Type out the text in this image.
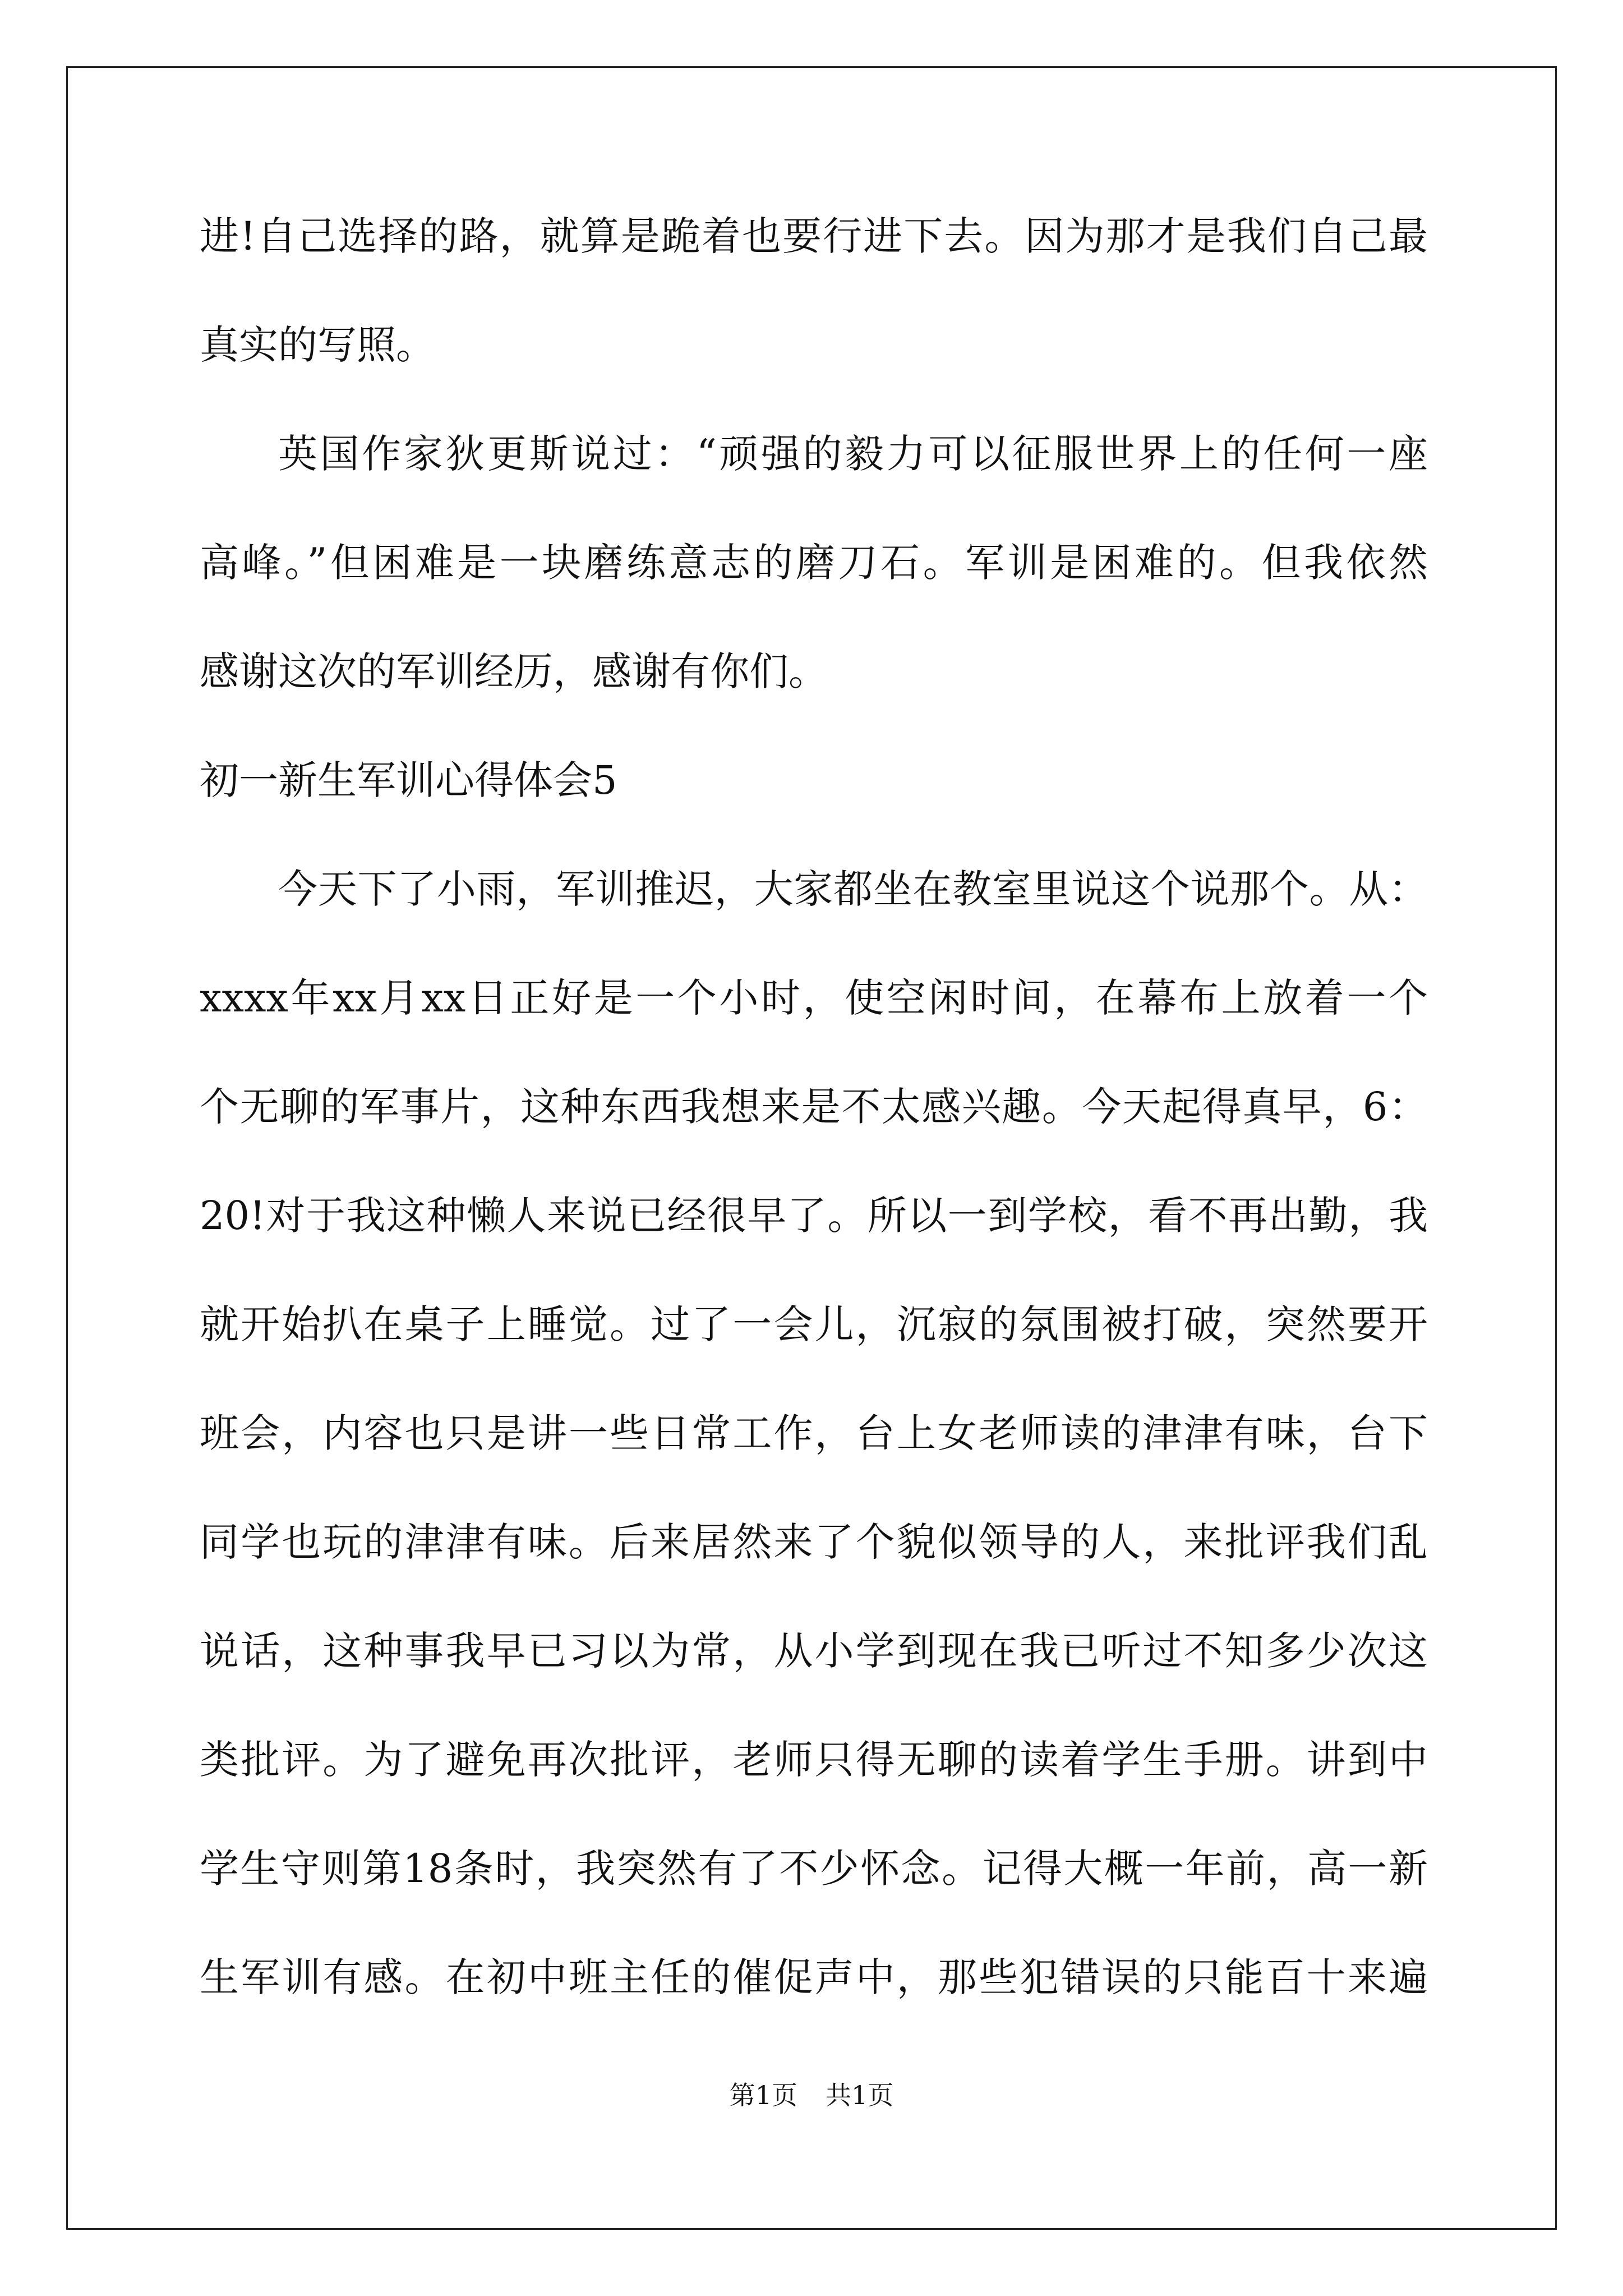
进!自己选择的路，就算是跪着也要行进下去。因为那才是我们自己最
真实的写照。
英国作家狄更斯说过：“顽强的毅力可以征服世界上的任何一座
高峰。”但困难是一块磨练意志的磨刀石。军训是困难的。但我依然
感谢这次的军训经历，感谢有你们。
初一新生军训心得体会5
今天下了小雨，军训推迟，大家都坐在教室里说这个说那个。从：
xxxx年xx月xx日正好是一个小时，使空闲时间，在幕布上放着一个
个无聊的军事片，这种东西我想来是不太感兴趣。今天起得真早，6：
20!对于我这种懒人来说已经很早了。所以一到学校，看不再出勤，我
就开始扒在桌子上睡觉。过了一会儿，沉寂的氛围被打破，突然要开
班会，内容也只是讲一些日常工作，台上女老师读的津津有味，台下
同学也玩的津津有味。后来居然来了个貌似领导的人，来批评我们乱
说话，这种事我早已习以为常，从小学到现在我已听过不知多少次这
类批评。为了避免再次批评，老师只得无聊的读着学生手册。讲到中
学生守则第18条时，我突然有了不少怀念。记得大概一年前，高一新
生军训有感。在初中班主任的催促声中，那些犯错误的只能百十来遍
第1页 共1页
